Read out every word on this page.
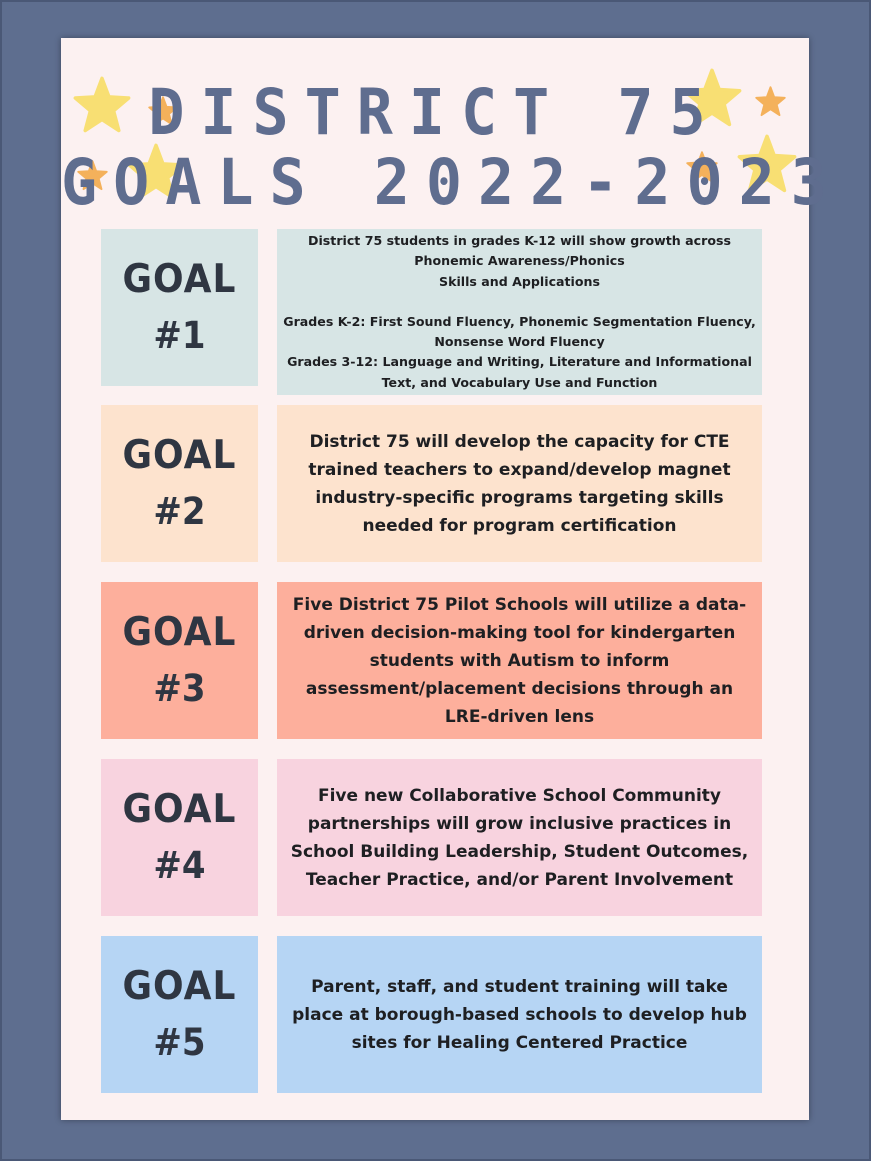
DISTRICT 75
GOALS 2022-2023
GOAL
#1
District 75 students in grades K-12 will show growth across
Phonemic Awareness/Phonics
Skills and Applications

Grades K-2: First Sound Fluency, Phonemic Segmentation Fluency,
Nonsense Word Fluency
Grades 3-12: Language and Writing, Literature and Informational
Text, and Vocabulary Use and Function
GOAL
#2
District 75 will develop the capacity for CTE trained teachers to expand/develop magnet industry-specific programs targeting skills needed for program certification
GOAL
#3
Five District 75 Pilot Schools will utilize a data-driven decision-making tool for kindergarten students with Autism to inform assessment/placement decisions through an LRE-driven lens
GOAL
#4
Five new Collaborative School Community partnerships will grow inclusive practices in School Building Leadership, Student Outcomes, Teacher Practice, and/or Parent Involvement
GOAL
#5
Parent, staff, and student training will take place at borough-based schools to develop hub sites for Healing Centered Practice
